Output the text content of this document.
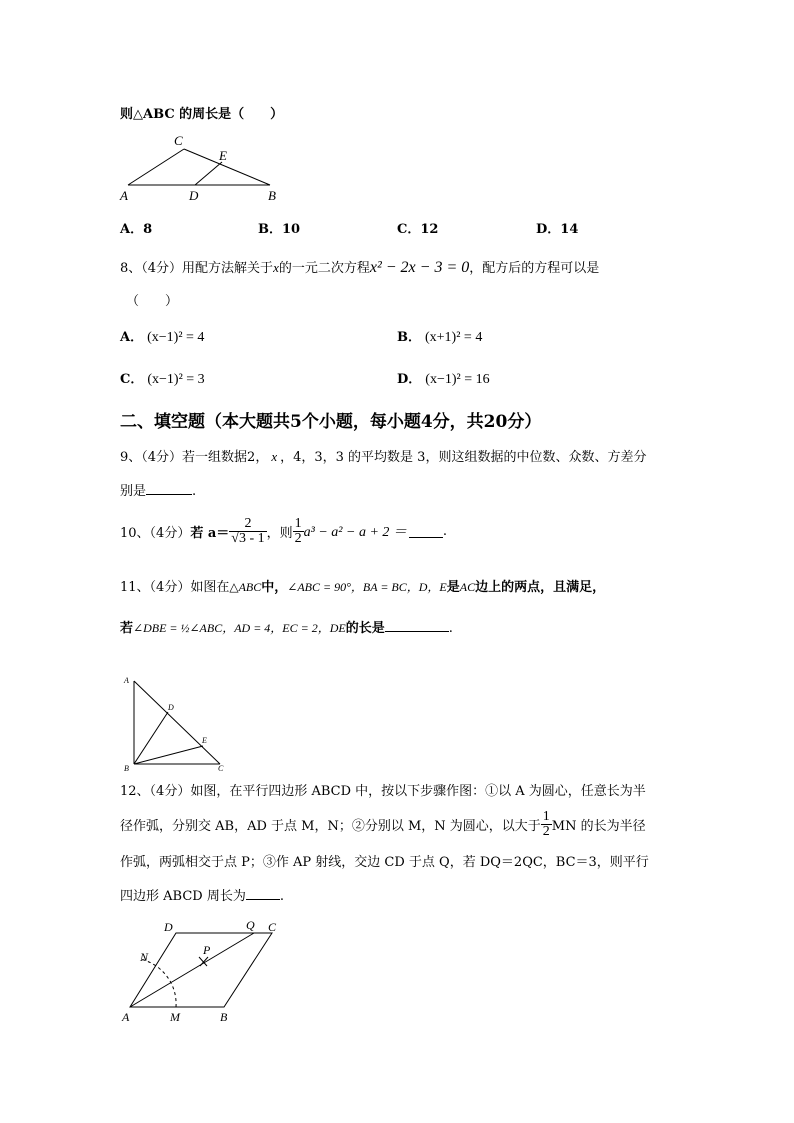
则△ABC 的周长是（　　）
C
E
A	D	B
A．8	B．10	C．12	D．14
8、（4分）用配方法解关于x的一元二次方程x² − 2x − 3 = 0，配方后的方程可以是
（　　）
A． (x−1)² = 4	B． (x+1)² = 4
C． (x−1)² = 3	D． (x−1)² = 16
二、填空题（本大题共5个小题，每小题4分，共20分）
9、（4分）若一组数据2， x ，4，3，3 的平均数是 3，则这组数据的中位数、众数、方差分
别是	.
10、（4分） 若 $a= \frac{2}{√3 - 1}$ ，则 $\frac{1}{2} a^3 - a^2 - a + 2$ ＝	.
11、（4分）如图在△ABC中，∠ABC = 90°，BA = BC，D，E是AC边上的两点，且满足，
若∠DBE = ½∠ABC，AD = 4，EC = 2，DE的长是	.
A
D
E
B	C
12、（4分）如图，在平行四边形 ABCD 中，按以下步骤作图：①以 A 为圆心，任意长为半
径作弧，分别交 AB，AD 于点 M，N；②分别以 M，N 为圆心，以大于 $\frac{1}{2}$ MN 的长为半径
作弧，两弧相交于点 P；③作 AP 射线，交边 CD 于点 Q，若 DQ＝2QC，BC＝3，则平行
四边形 ABCD 周长为	.
D	Q C
P
N
A	M	B
